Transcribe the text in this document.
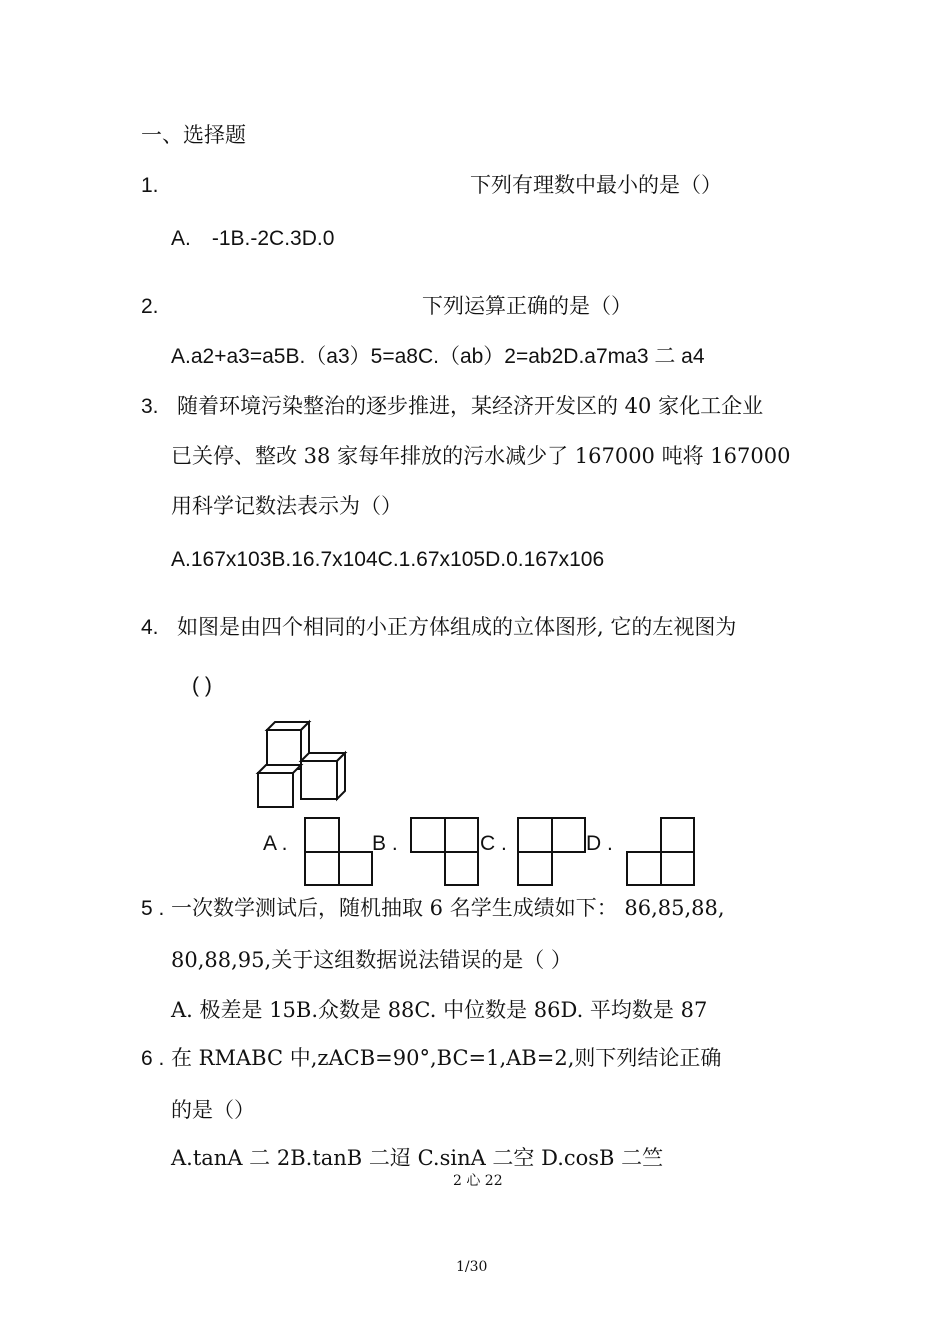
一、选择题
1.	下列有理数中最小的是（）
A.　-1B.-2C.3D.0
2.	下列运算正确的是（）
A.a2+a3=a5B.（a3）5=a8C.（ab）2=ab2D.a7ma3 二 a4
3. 随着环境污染整治的逐步推进，某经济开发区的 40 家化工企业
已关停、整改 38 家每年排放的污水减少了 167000 吨将 167000
用科学记数法表示为（）
A.167x103B.16.7x104C.1.67x105D.0.167x106
4. 如图是由四个相同的小正方体组成的立体图形, 它的左视图为
( )
A .	B .	C .	D .
5 . 一次数学测试后，随机抽取 6 名学生成绩如下： 86,85,88,
80,88,95,关于这组数据说法错误的是（ ）
A. 极差是 15B.众数是 88C. 中位数是 86D. 平均数是 87
6 . 在 RMABC 中,zACB=90°,BC=1,AB=2,则下列结论正确
的是（）
A.tanA 二 2B.tanB 二迢 C.sinA 二空 D.cosB 二竺
2 心 22
1/30
